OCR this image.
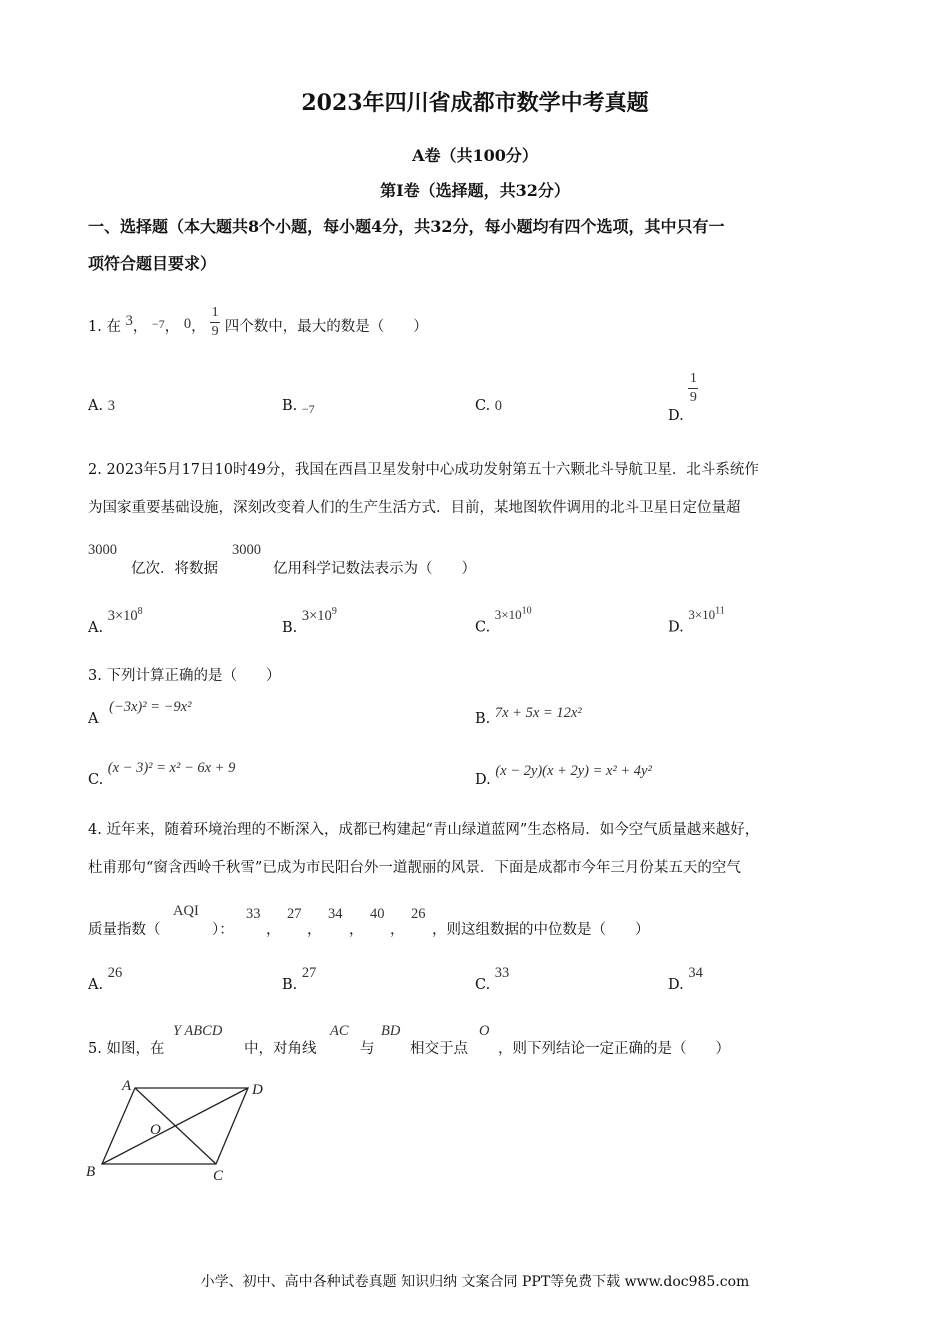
2023年四川省成都市数学中考真题
A卷（共100分）
第I卷（选择题，共32分）
一、选择题（本大题共8个小题，每小题4分，共32分，每小题均有四个选项，其中只有一
项符合题目要求）
1. 在 3， $^{-7}$， 0， $\frac{1}{9}$ 四个数中，最大的数是（　　）
A. 3	B. $_{-7}$	C. 0
D.
$\frac{1}{9}$
2. 2023年5月17日10时49分，我国在西昌卫星发射中心成功发射第五十六颗北斗导航卫星．北斗系统作
为国家重要基础设施，深刻改变着人们的生产生活方式．目前，某地图软件调用的北斗卫星日定位量超
3000
亿次．将数据
3000
亿用科学记数法表示为（　　）
A. $3\times 10^8$
B. $3\times 10^9$
C. $3\times 10^{10}$
D. $3\times 10^{11}$
3. 下列计算正确的是（　　）
A (−3x)² = −9x²
B. 7x + 5x = 12x²
C. (x − 3)² = x² − 6x + 9
D. (x − 2y)(x + 2y) = x² + 4y²
4. 近年来，随着环境治理的不断深入，成都已构建起“青山绿道蓝网”生态格局．如今空气质量越来越好，
杜甫那句“窗含西岭千秋雪”已成为市民阳台外一道靓丽的风景．下面是成都市今年三月份某五天的空气
质量指数（
AQI
）：
33
，
27
，
34
，
40
，
26
，则这组数据的中位数是（　　）
A. 26
B. 27
C. 33
D. 34
5. 如图，在
Y ABCD
中，对角线
AC
与
BD
相交于点
O
，则下列结论一定正确的是（　　）
A	D
B	C
O
小学、初中、高中各种试卷真题 知识归纳 文案合同 PPT等免费下载 www.doc985.com
